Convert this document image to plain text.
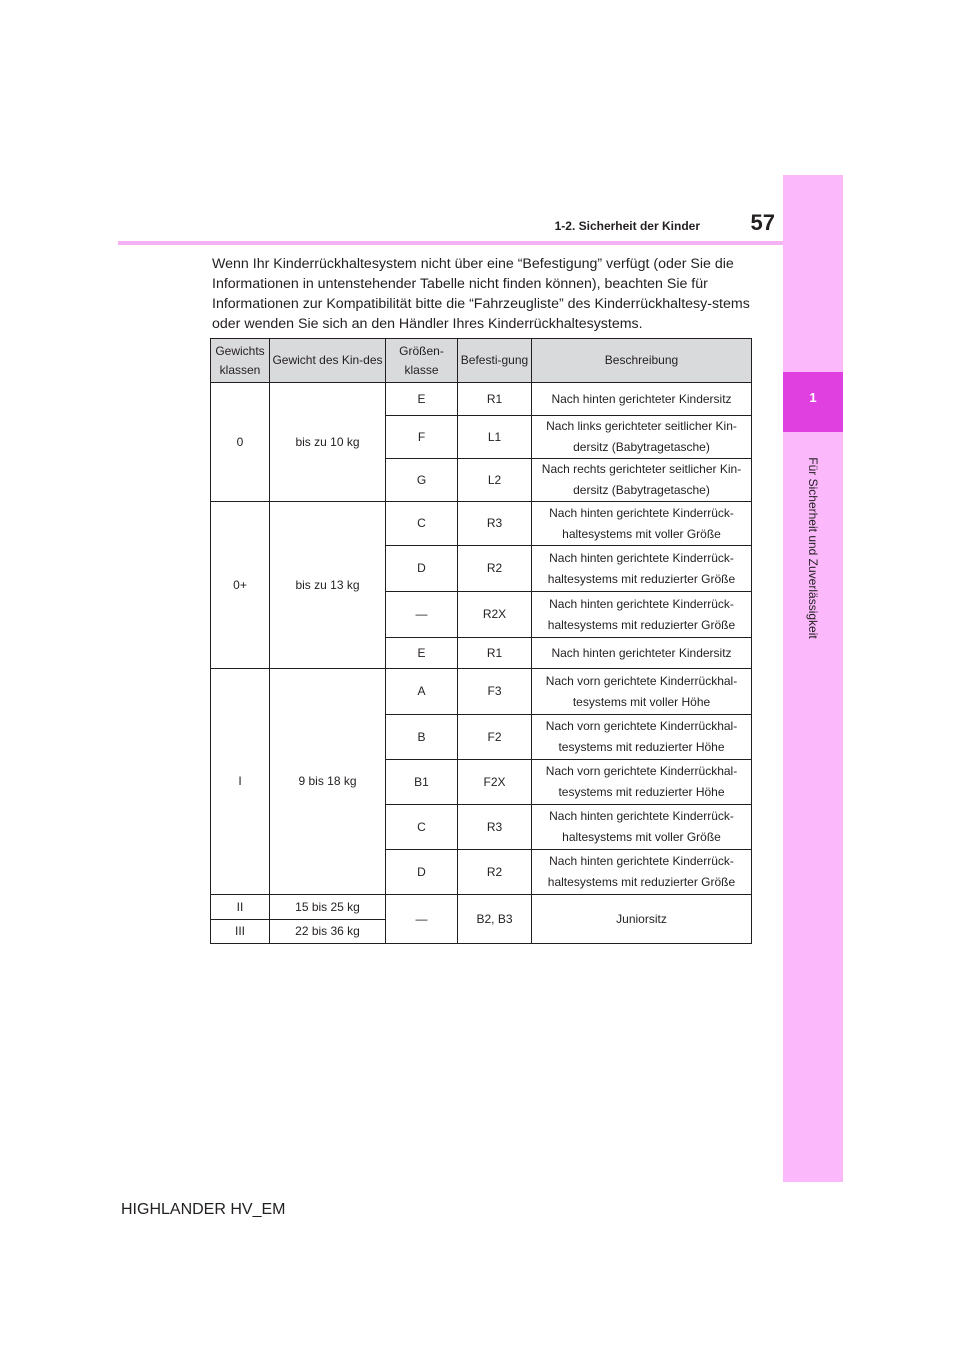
1
Für Sicherheit und Zuverlässigkeit
1-2. Sicherheit der Kinder	57
Wenn Ihr Kinderrückhaltesystem nicht über eine “Befestigung” verfügt (oder Sie die Informationen in untenstehender Tabelle nicht finden können), beachten Sie für Informationen zur Kompatibilität bitte die “Fahrzeugliste” des Kinderrückhaltesy-stems oder wenden Sie sich an den Händler Ihres Kinderrückhaltesystems.
Gewichts klassen	Gewicht des Kin-des	Größen-klasse	Befesti-gung	Beschreibung
0	bis zu 10 kg	E	R1	Nach hinten gerichteter Kindersitz
		F	L1	Nach links gerichteter seitlicher Kin-dersitz (Babytragetasche)
		G	L2	Nach rechts gerichteter seitlicher Kin-dersitz (Babytragetasche)
0+	bis zu 13 kg	C	R3	Nach hinten gerichtete Kinderrück-haltesystems mit voller Größe
		D	R2	Nach hinten gerichtete Kinderrück-haltesystems mit reduzierter Größe
		—	R2X	Nach hinten gerichtete Kinderrück-haltesystems mit reduzierter Größe
		E	R1	Nach hinten gerichteter Kindersitz
I	9 bis 18 kg	A	F3	Nach vorn gerichtete Kinderrückhal-tesystems mit voller Höhe
		B	F2	Nach vorn gerichtete Kinderrückhal-tesystems mit reduzierter Höhe
		B1	F2X	Nach vorn gerichtete Kinderrückhal-tesystems mit reduzierter Höhe
		C	R3	Nach hinten gerichtete Kinderrück-haltesystems mit voller Größe
		D	R2	Nach hinten gerichtete Kinderrück-haltesystems mit reduzierter Größe
II	15 bis 25 kg	—	B2, B3	Juniorsitz
III	22 bis 36 kg			
HIGHLANDER HV_EM
